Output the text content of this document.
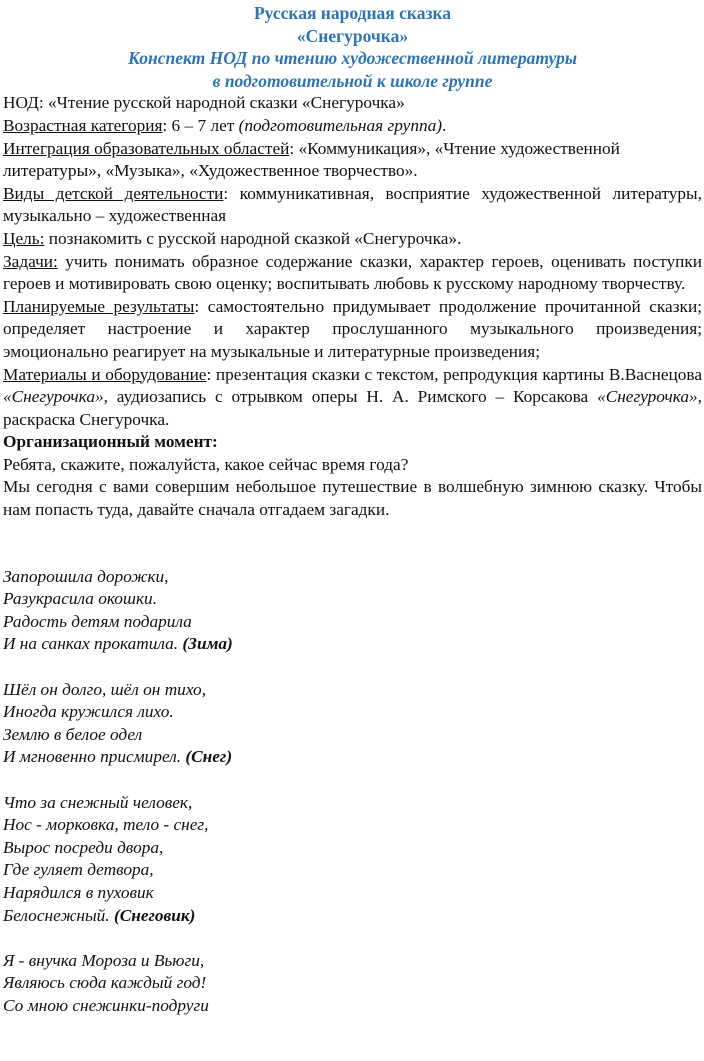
Русская народная сказка
«Снегурочка»
Конспект НОД по чтению художественной литературы
в подготовительной к школе группе

НОД: «Чтение русской народной сказки «Снегурочка»

Возрастная категория: 6 – 7 лет (подготовительная группа).

Интеграция образовательных областей: «Коммуникация», «Чтение художественной литературы», «Музыка», «Художественное творчество».

Виды детской деятельности: коммуникативная, восприятие художественной литературы, музыкально – художественная

Цель: познакомить с русской народной сказкой «Снегурочка».

Задачи: учить понимать образное содержание сказки, характер героев, оценивать поступки героев и мотивировать свою оценку; воспитывать любовь к русскому народному творчеству.

Планируемые результаты: самостоятельно придумывает продолжение прочитанной сказки; определяет настроение и характер прослушанного музыкального произведения; эмоционально реагирует на музыкальные и литературные произведения;

Материалы и оборудование: презентация сказки с текстом, репродукция картины В.Васнецова «Снегурочка», аудиозапись с отрывком оперы Н. А. Римского – Корсакова «Снегурочка», раскраска Снегурочка.

Организационный момент:

Ребята, скажите, пожалуйста, какое сейчас время года?

Мы сегодня с вами совершим небольшое путешествие в волшебную зимнюю сказку. Чтобы нам попасть туда, давайте сначала отгадаем загадки.

Запорошила дорожки,

Разукрасила окошки.

Радость детям подарила

И на санках прокатила. (Зима)

Шёл он долго, шёл он тихо,

Иногда кружился лихо.

Землю в белое одел

И мгновенно присмирел. (Снег)

Что за снежный человек,

Нос - морковка, тело - снег,

Вырос посреди двора,

Где гуляет детвора,

Нарядился в пуховик

Белоснежный. (Снеговик)

Я - внучка Мороза и Вьюги,

Являюсь сюда каждый год!

Со мною снежинки-подруги
